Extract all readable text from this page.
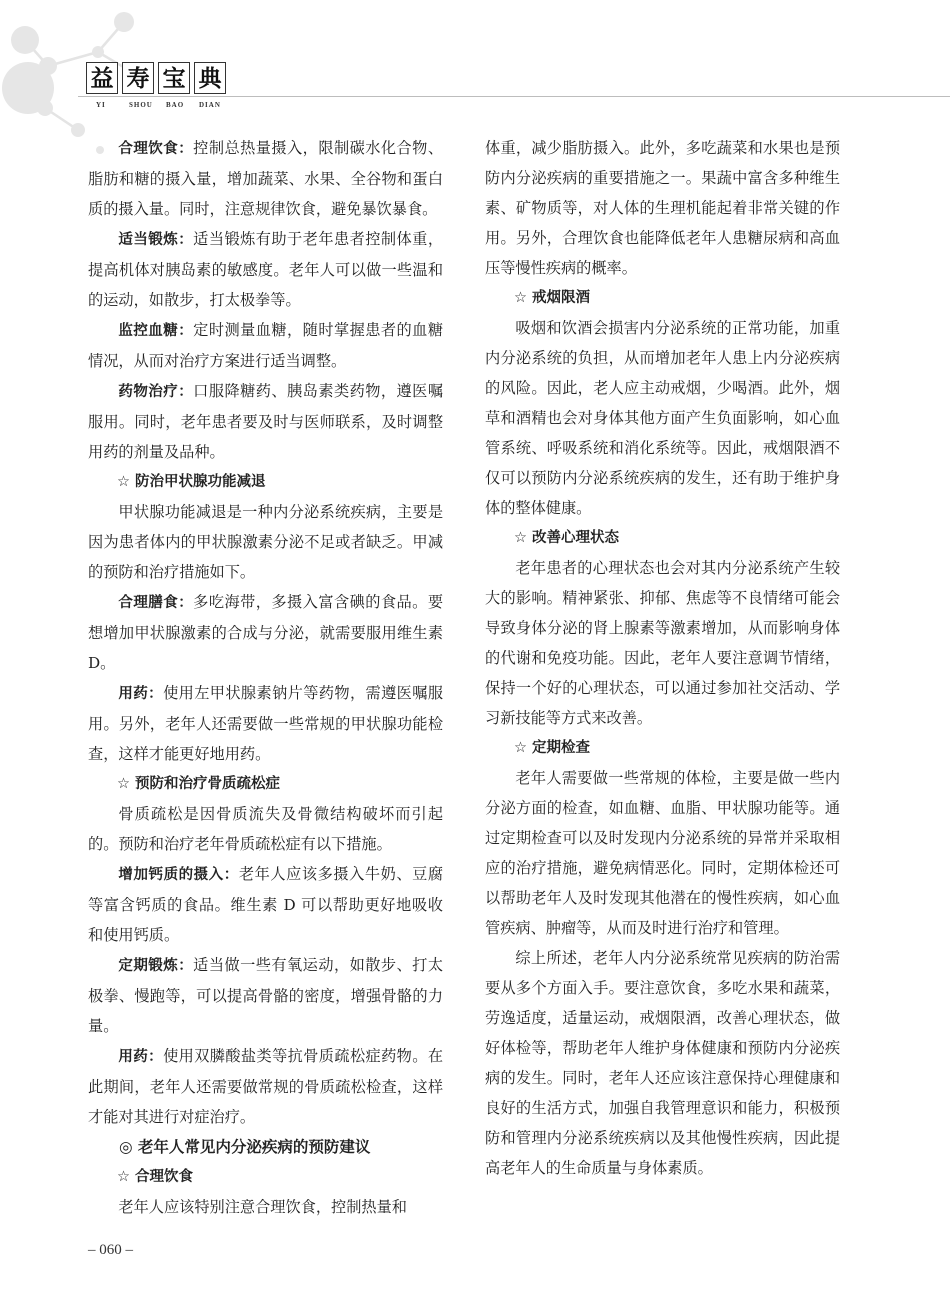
益 寿 宝 典
YI	SHOU BAO DIAN

合理饮食：控制总热量摄入，限制碳水化合物、脂肪和糖的摄入量，增加蔬菜、水果、全谷物和蛋白质的摄入量。同时，注意规律饮食，避免暴饮暴食。

适当锻炼：适当锻炼有助于老年患者控制体重，提高机体对胰岛素的敏感度。老年人可以做一些温和的运动，如散步，打太极拳等。

监控血糖：定时测量血糖，随时掌握患者的血糖情况，从而对治疗方案进行适当调整。

药物治疗：口服降糖药、胰岛素类药物，遵医嘱服用。同时，老年患者要及时与医师联系，及时调整用药的剂量及品种。

☆ 防治甲状腺功能减退

甲状腺功能减退是一种内分泌系统疾病，主要是因为患者体内的甲状腺激素分泌不足或者缺乏。甲减的预防和治疗措施如下。

合理膳食：多吃海带，多摄入富含碘的食品。要想增加甲状腺激素的合成与分泌，就需要服用维生素 D。

用药：使用左甲状腺素钠片等药物，需遵医嘱服用。另外，老年人还需要做一些常规的甲状腺功能检查，这样才能更好地用药。

☆ 预防和治疗骨质疏松症

骨质疏松是因骨质流失及骨微结构破坏而引起的。预防和治疗老年骨质疏松症有以下措施。

增加钙质的摄入：老年人应该多摄入牛奶、豆腐等富含钙质的食品。维生素 D 可以帮助更好地吸收和使用钙质。

定期锻炼：适当做一些有氧运动，如散步、打太极拳、慢跑等，可以提高骨骼的密度，增强骨骼的力量。

用药：使用双膦酸盐类等抗骨质疏松症药物。在此期间，老年人还需要做常规的骨质疏松检查，这样才能对其进行对症治疗。

◎ 老年人常见内分泌疾病的预防建议
☆ 合理饮食

老年人应该特别注意合理饮食，控制热量和

体重，减少脂肪摄入。此外，多吃蔬菜和水果也是预防内分泌疾病的重要措施之一。果蔬中富含多种维生素、矿物质等，对人体的生理机能起着非常关键的作用。另外，合理饮食也能降低老年人患糖尿病和高血压等慢性疾病的概率。

☆ 戒烟限酒

吸烟和饮酒会损害内分泌系统的正常功能，加重内分泌系统的负担，从而增加老年人患上内分泌疾病的风险。因此，老人应主动戒烟，少喝酒。此外，烟草和酒精也会对身体其他方面产生负面影响，如心血管系统、呼吸系统和消化系统等。因此，戒烟限酒不仅可以预防内分泌系统疾病的发生，还有助于维护身体的整体健康。

☆ 改善心理状态

老年患者的心理状态也会对其内分泌系统产生较大的影响。精神紧张、抑郁、焦虑等不良情绪可能会导致身体分泌的肾上腺素等激素增加，从而影响身体的代谢和免疫功能。因此，老年人要注意调节情绪，保持一个好的心理状态，可以通过参加社交活动、学习新技能等方式来改善。

☆ 定期检查

老年人需要做一些常规的体检，主要是做一些内分泌方面的检查，如血糖、血脂、甲状腺功能等。通过定期检查可以及时发现内分泌系统的异常并采取相应的治疗措施，避免病情恶化。同时，定期体检还可以帮助老年人及时发现其他潜在的慢性疾病，如心血管疾病、肿瘤等，从而及时进行治疗和管理。

综上所述，老年人内分泌系统常见疾病的防治需要从多个方面入手。要注意饮食，多吃水果和蔬菜，劳逸适度，适量运动，戒烟限酒，改善心理状态，做好体检等，帮助老年人维护身体健康和预防内分泌疾病的发生。同时，老年人还应该注意保持心理健康和良好的生活方式，加强自我管理意识和能力，积极预防和管理内分泌系统疾病以及其他慢性疾病，因此提高老年人的生命质量与身体素质。

– 060 –
